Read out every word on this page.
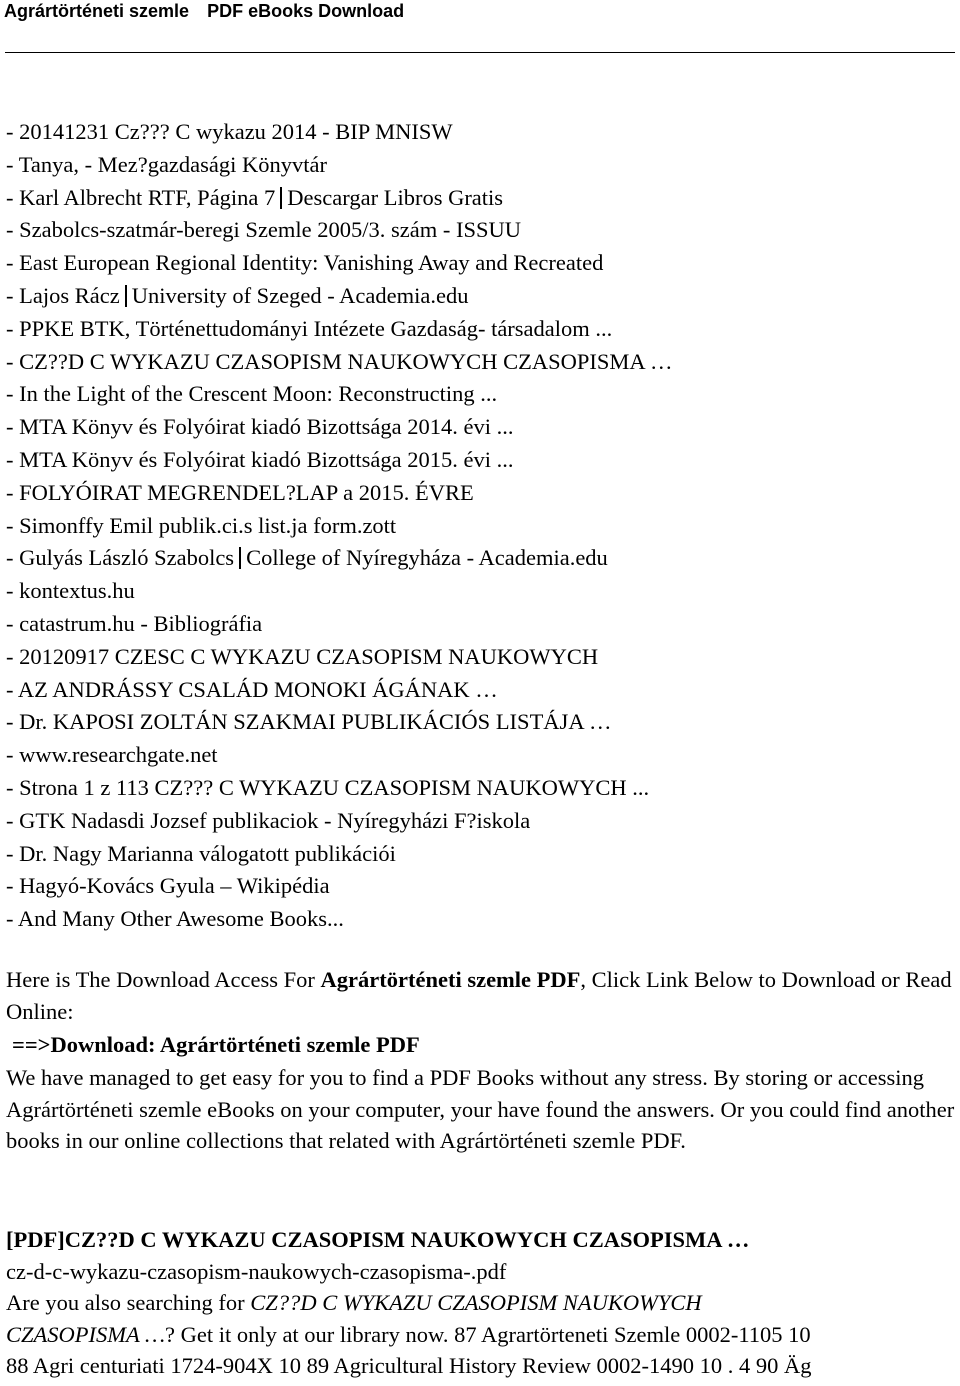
Agrártörténeti szemle PDF eBooks Download
- 20141231 Cz??? C wykazu 2014 - BIP MNISW
- Tanya, - Mez?gazdasági Könyvtár
- Karl Albrecht RTF, Página 7 Descargar Libros Gratis
- Szabolcs-szatmár-beregi Szemle 2005/3. szám - ISSUU
- East European Regional Identity: Vanishing Away and Recreated
- Lajos Rácz University of Szeged - Academia.edu
- PPKE BTK, Történettudományi Intézete Gazdaság- társadalom ...
- CZ??D C WYKAZU CZASOPISM NAUKOWYCH CZASOPISMA …
- In the Light of the Crescent Moon: Reconstructing ...
- MTA Könyv és Folyóirat kiadó Bizottsága 2014. évi ...
- MTA Könyv és Folyóirat kiadó Bizottsága 2015. évi ...
- FOLYÓIRAT MEGRENDEL?LAP a 2015. ÉVRE
- Simonffy Emil publik.ci.s list.ja form.zott
- Gulyás László Szabolcs College of Nyíregyháza - Academia.edu
- kontextus.hu
- catastrum.hu - Bibliográfia
- 20120917 CZESC C WYKAZU CZASOPISM NAUKOWYCH
- AZ ANDRÁSSY CSALÁD MONOKI ÁGÁNAK …
- Dr. KAPOSI ZOLTÁN SZAKMAI PUBLIKÁCIÓS LISTÁJA …
- www.researchgate.net
- Strona 1 z 113 CZ??? C WYKAZU CZASOPISM NAUKOWYCH ...
- GTK Nadasdi Jozsef publikaciok - Nyíregyházi F?iskola
- Dr. Nagy Marianna válogatott publikációi
- Hagyó-Kovács Gyula – Wikipédia
- And Many Other Awesome Books...
Here is The Download Access For Agrártörténeti szemle PDF, Click Link Below to Download or Read Online:
==>Download: Agrártörténeti szemle PDF
We have managed to get easy for you to find a PDF Books without any stress. By storing or accessing Agrártörténeti szemle eBooks on your computer, your have found the answers. Or you could find another books in our online collections that related with Agrártörténeti szemle PDF.
[PDF]CZ??D C WYKAZU CZASOPISM NAUKOWYCH CZASOPISMA …
cz-d-c-wykazu-czasopism-naukowych-czasopisma-.pdf
Are you also searching for CZ??D C WYKAZU CZASOPISM NAUKOWYCH
CZASOPISMA …? Get it only at our library now. 87 Agrartörteneti Szemle 0002-1105 10
88 Agri centuriati 1724-904X 10 89 Agricultural History Review 0002-1490 10 . 4 90 Äg
